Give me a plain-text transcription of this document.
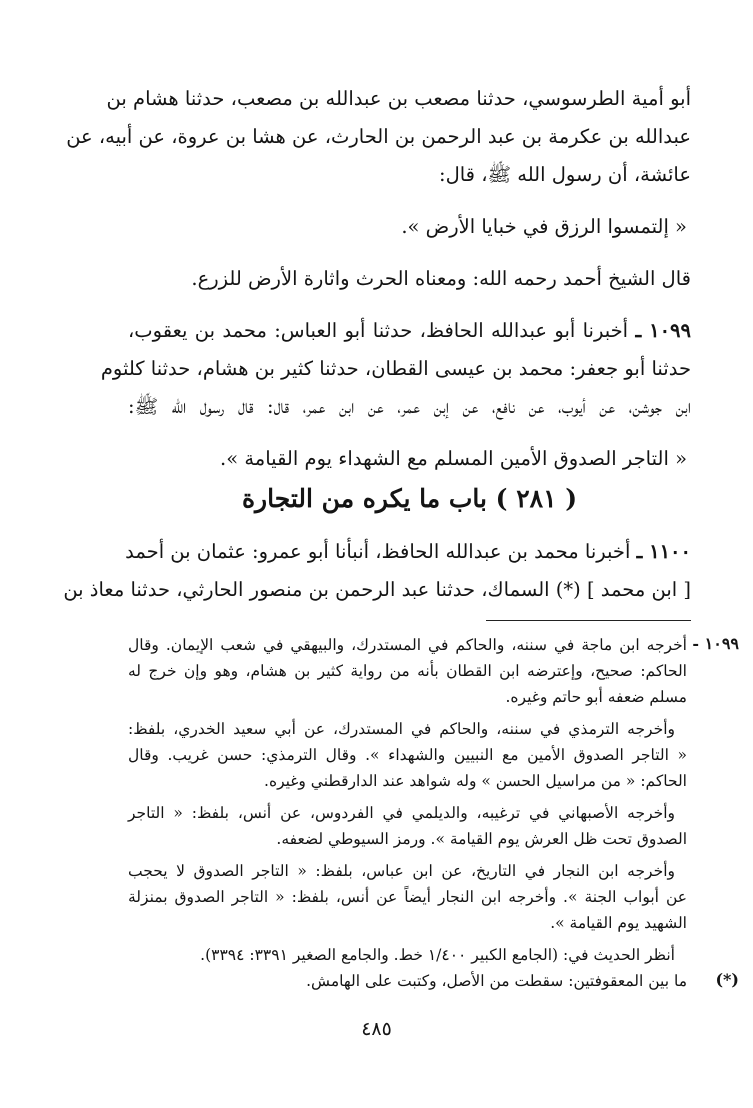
أبو أمية الطرسوسي، حدثنا مصعب بن عبدالله بن مصعب، حدثنا هشام بن
عبدالله بن عكرمة بن عبد الرحمن بن الحارث، عن هشا بن عروة، عن أبيه، عن
عائشة، أن رسول الله ﷺ، قال:
« إلتمسوا الرزق في خبايا الأرض ».
قال الشيخ أحمد رحمه الله: ومعناه الحرث واثارة الأرض للزرع.
١٠٩٩ ـ أخبرنا أبو عبدالله الحافظ، حدثنا أبو العباس: محمد بن يعقوب،
حدثنا أبو جعفر: محمد بن عيسى القطان، حدثنا كثير بن هشام، حدثنا كلثوم
ابن جوشن، عن أيوب، عن نافع، عن إبن عمر، عن ابن عمر، قال: قال رسول الله ﷺ:
« التاجر الصدوق الأمين المسلم مع الشهداء يوم القيامة ».
( ٢٨١ ) باب ما يكره من التجارة
١١٠٠ ـ أخبرنا محمد بن عبدالله الحافظ، أنبأنا أبو عمرو: عثمان بن أحمد
[ ابن محمد ] (*) السماك، حدثنا عبد الرحمن بن منصور الحارثي، حدثنا معاذ بن
١٠٩٩ -
أخرجه ابن ماجة في سننه، والحاكم في المستدرك، والبيهقي في شعب الإيمان. وقال
الحاكم: صحيح، وإعترضه ابن القطان بأنه من رواية كثير بن هشام، وهو وإن خرج له
مسلم ضعفه أبو حاتم وغيره.
وأخرجه الترمذي في سننه، والحاكم في المستدرك، عن أبي سعيد الخدري، بلفظ:
« التاجر الصدوق الأمين مع النبيين والشهداء ». وقال الترمذي: حسن غريب. وقال
الحاكم: « من مراسيل الحسن » وله شواهد عند الدارقطني وغيره.
وأخرجه الأصبهاني في ترغيبه، والديلمي في الفردوس، عن أنس، بلفظ: « التاجر
الصدوق تحت ظل العرش يوم القيامة ». ورمز السيوطي لضعفه.
وأخرجه ابن النجار في التاريخ، عن ابن عباس، بلفظ: « التاجر الصدوق لا يحجب
عن أبواب الجنة ». وأخرجه ابن النجار أيضاً عن أنس، بلفظ: « التاجر الصدوق بمنزلة
الشهيد يوم القيامة ».
أنظر الحديث في: (الجامع الكبير ١/٤٠٠ خط. والجامع الصغير ٣٣٩١: ٣٣٩٤).
(*)
ما بين المعقوفتين: سقطت من الأصل، وكتبت على الهامش.
٤٨٥
